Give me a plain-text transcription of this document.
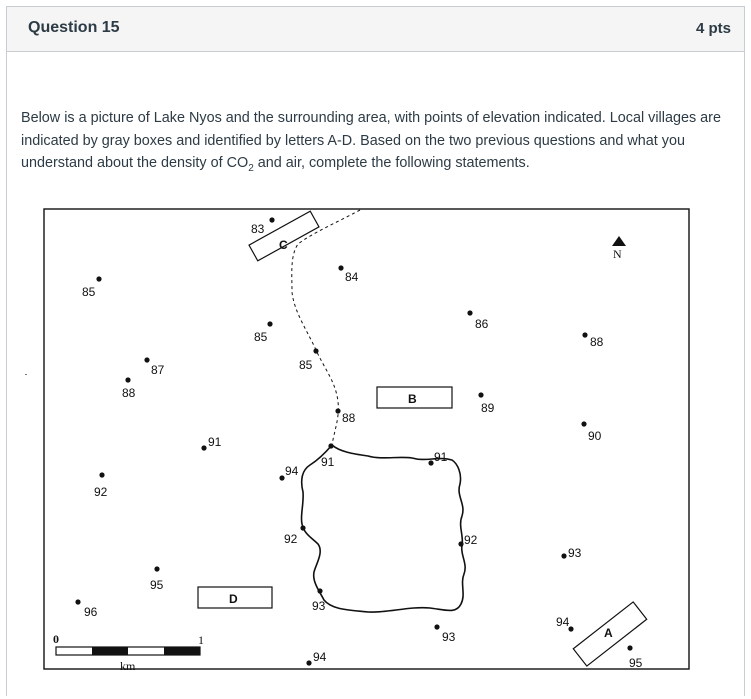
Question 15	4 pts
Below is a picture of Lake Nyos and the surrounding area, with points of elevation indicated. Local villages are indicated by gray boxes and identified by letters A-D. Based on the two previous questions and what you understand about the density of $CO_2$ and air, complete the following statements.
C
B
D
A
N
0	1
km
83
85
84
86
88
85
85
87
88
91
88
89
90
91
91
92
94
92	92
93
95
96
93
93
94
95
94
